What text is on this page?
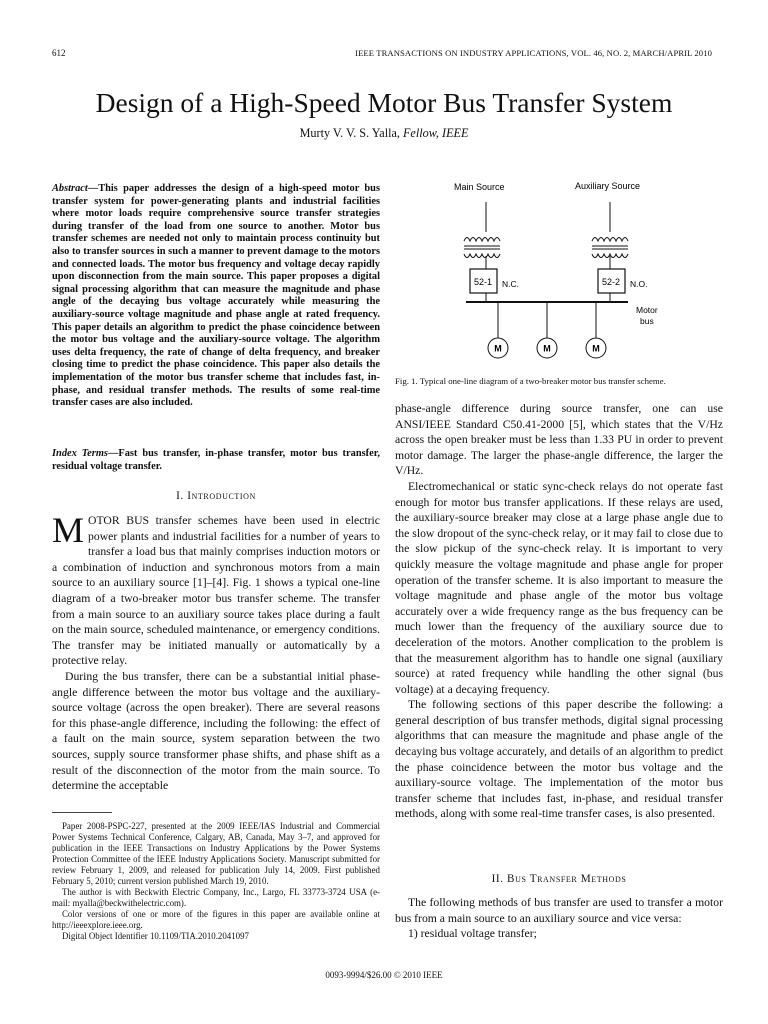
612	IEEE TRANSACTIONS ON INDUSTRY APPLICATIONS, VOL. 46, NO. 2, MARCH/APRIL 2010
Design of a High-Speed Motor Bus Transfer System
Murty V. V. S. Yalla, Fellow, IEEE
Abstract—This paper addresses the design of a high-speed motor bus transfer system for power-generating plants and industrial facilities where motor loads require comprehensive source transfer strategies during transfer of the load from one source to another. Motor bus transfer schemes are needed not only to maintain process continuity but also to transfer sources in such a manner to prevent damage to the motors and connected loads. The motor bus frequency and voltage decay rapidly upon disconnection from the main source. This paper proposes a digital signal processing algorithm that can measure the magnitude and phase angle of the decaying bus voltage accurately while measuring the auxiliary-source voltage magnitude and phase angle at rated frequency. This paper details an algorithm to predict the phase coincidence between the motor bus voltage and the auxiliary-source voltage. The algorithm uses delta frequency, the rate of change of delta frequency, and breaker closing time to predict the phase coincidence. This paper also details the implementation of the motor bus transfer scheme that includes fast, in-phase, and residual transfer methods. The results of some real-time transfer cases are also included.
Index Terms—Fast bus transfer, in-phase transfer, motor bus transfer, residual voltage transfer.
I. Introduction

MOTOR BUS transfer schemes have been used in electric power plants and industrial facilities for a number of years to transfer a load bus that mainly comprises induction motors or a combination of induction and synchronous motors from a main source to an auxiliary source [1]–[4]. Fig. 1 shows a typical one-line diagram of a two-breaker motor bus transfer scheme. The transfer from a main source to an auxiliary source takes place during a fault on the main source, scheduled maintenance, or emergency conditions. The transfer may be initiated manually or automatically by a protective relay.

During the bus transfer, there can be a substantial initial phase-angle difference between the motor bus voltage and the auxiliary-source voltage (across the open breaker). There are several reasons for this phase-angle difference, including the following: the effect of a fault on the main source, system separation between the two sources, supply source transformer phase shifts, and phase shift as a result of the disconnection of the motor from the main source. To determine the acceptable

Paper 2008-PSPC-227, presented at the 2009 IEEE/IAS Industrial and Commercial Power Systems Technical Conference, Calgary, AB, Canada, May 3–7, and approved for publication in the IEEE Transactions on Industry Applications by the Power Systems Protection Committee of the IEEE Industry Applications Society. Manuscript submitted for review February 1, 2009, and released for publication July 14, 2009. First published February 5, 2010; current version published March 19, 2010.

The author is with Beckwith Electric Company, Inc., Largo, FL 33773-3724 USA (e-mail: myalla@beckwithelectric.com).

Color versions of one or more of the figures in this paper are available online at http://ieeexplore.ieee.org.

Digital Object Identifier 10.1109/TIA.2010.2041097

Main Source	Auxiliary Source
52-1 N.C.	52-2 N.O.
Motor
bus
M	M	M
Fig. 1. Typical one-line diagram of a two-breaker motor bus transfer scheme.

phase-angle difference during source transfer, one can use ANSI/IEEE Standard C50.41-2000 [5], which states that the V/Hz across the open breaker must be less than 1.33 PU in order to prevent motor damage. The larger the phase-angle difference, the larger the V/Hz.

Electromechanical or static sync-check relays do not operate fast enough for motor bus transfer applications. If these relays are used, the auxiliary-source breaker may close at a large phase angle due to the slow dropout of the sync-check relay, or it may fail to close due to the slow pickup of the sync-check relay. It is important to very quickly measure the voltage magnitude and phase angle for proper operation of the transfer scheme. It is also important to measure the voltage magnitude and phase angle of the motor bus voltage accurately over a wide frequency range as the bus frequency can be much lower than the frequency of the auxiliary source due to deceleration of the motors. Another complication to the problem is that the measurement algorithm has to handle one signal (auxiliary source) at rated frequency while handling the other signal (bus voltage) at a decaying frequency.

The following sections of this paper describe the following: a general description of bus transfer methods, digital signal processing algorithms that can measure the magnitude and phase angle of the decaying bus voltage accurately, and details of an algorithm to predict the phase coincidence between the motor bus voltage and the auxiliary-source voltage. The implementation of the motor bus transfer scheme that includes fast, in-phase, and residual transfer methods, along with some real-time transfer cases, is also presented.

II. Bus Transfer Methods

The following methods of bus transfer are used to transfer a motor bus from a main source to an auxiliary source and vice versa:

1) residual voltage transfer;

0093-9994/$26.00 © 2010 IEEE
